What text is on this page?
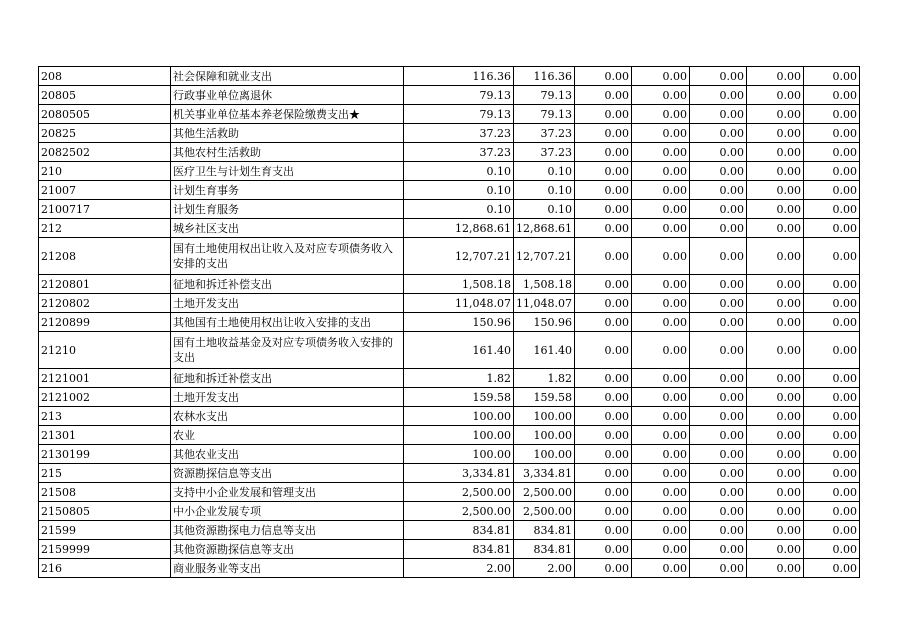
208	社会保障和就业支出	116.36	116.36	0.00	0.00	0.00	0.00	0.00
20805	行政事业单位离退休	79.13	79.13	0.00	0.00	0.00	0.00	0.00
2080505	机关事业单位基本养老保险缴费支出★	79.13	79.13	0.00	0.00	0.00	0.00	0.00
20825	其他生活救助	37.23	37.23	0.00	0.00	0.00	0.00	0.00
2082502	其他农村生活救助	37.23	37.23	0.00	0.00	0.00	0.00	0.00
210	医疗卫生与计划生育支出	0.10	0.10	0.00	0.00	0.00	0.00	0.00
21007	计划生育事务	0.10	0.10	0.00	0.00	0.00	0.00	0.00
2100717	计划生育服务	0.10	0.10	0.00	0.00	0.00	0.00	0.00
212	城乡社区支出	12,868.61	12,868.61	0.00	0.00	0.00	0.00	0.00
21208	国有土地使用权出让收入及对应专项债务收入安排的支出	12,707.21	12,707.21	0.00	0.00	0.00	0.00	0.00
2120801	征地和拆迁补偿支出	1,508.18	1,508.18	0.00	0.00	0.00	0.00	0.00
2120802	土地开发支出	11,048.07	11,048.07	0.00	0.00	0.00	0.00	0.00
2120899	其他国有土地使用权出让收入安排的支出	150.96	150.96	0.00	0.00	0.00	0.00	0.00
21210	国有土地收益基金及对应专项债务收入安排的支出	161.40	161.40	0.00	0.00	0.00	0.00	0.00
2121001	征地和拆迁补偿支出	1.82	1.82	0.00	0.00	0.00	0.00	0.00
2121002	土地开发支出	159.58	159.58	0.00	0.00	0.00	0.00	0.00
213	农林水支出	100.00	100.00	0.00	0.00	0.00	0.00	0.00
21301	农业	100.00	100.00	0.00	0.00	0.00	0.00	0.00
2130199	其他农业支出	100.00	100.00	0.00	0.00	0.00	0.00	0.00
215	资源勘探信息等支出	3,334.81	3,334.81	0.00	0.00	0.00	0.00	0.00
21508	支持中小企业发展和管理支出	2,500.00	2,500.00	0.00	0.00	0.00	0.00	0.00
2150805	中小企业发展专项	2,500.00	2,500.00	0.00	0.00	0.00	0.00	0.00
21599	其他资源勘探电力信息等支出	834.81	834.81	0.00	0.00	0.00	0.00	0.00
2159999	其他资源勘探信息等支出	834.81	834.81	0.00	0.00	0.00	0.00	0.00
216	商业服务业等支出	2.00	2.00	0.00	0.00	0.00	0.00	0.00
